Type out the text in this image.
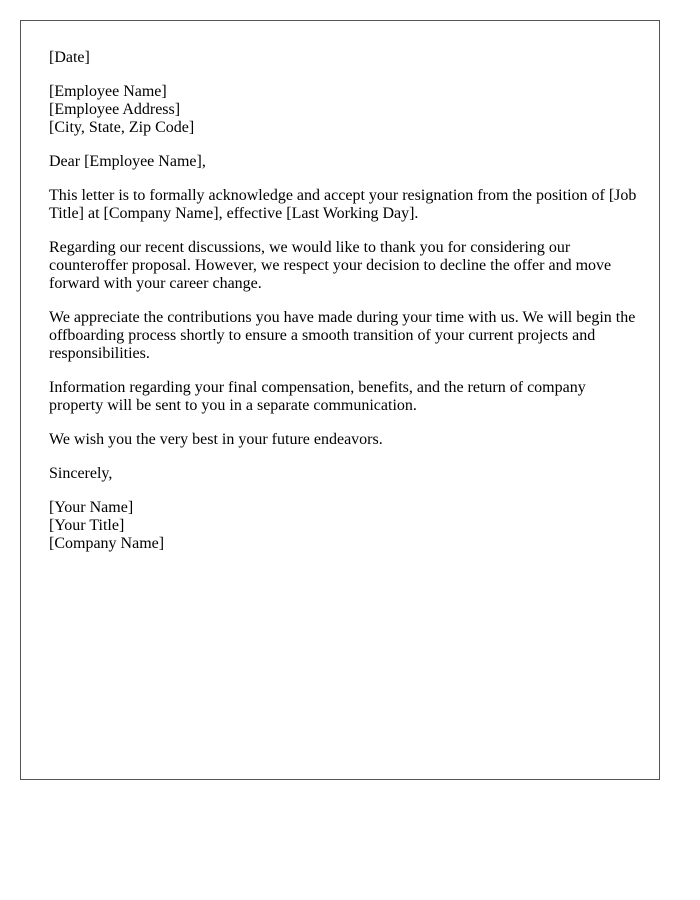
[Date]
[Employee Name]
[Employee Address]
[City, State, Zip Code]
Dear [Employee Name],

This letter is to formally acknowledge and accept your resignation from the position of [Job Title] at [Company Name], effective [Last Working Day].

Regarding our recent discussions, we would like to thank you for considering our counteroffer proposal. However, we respect your decision to decline the offer and move forward with your career change.

We appreciate the contributions you have made during your time with us. We will begin the offboarding process shortly to ensure a smooth transition of your current projects and responsibilities.

Information regarding your final compensation, benefits, and the return of company property will be sent to you in a separate communication.

We wish you the very best in your future endeavors.

Sincerely,
[Your Name]
[Your Title]
[Company Name]
